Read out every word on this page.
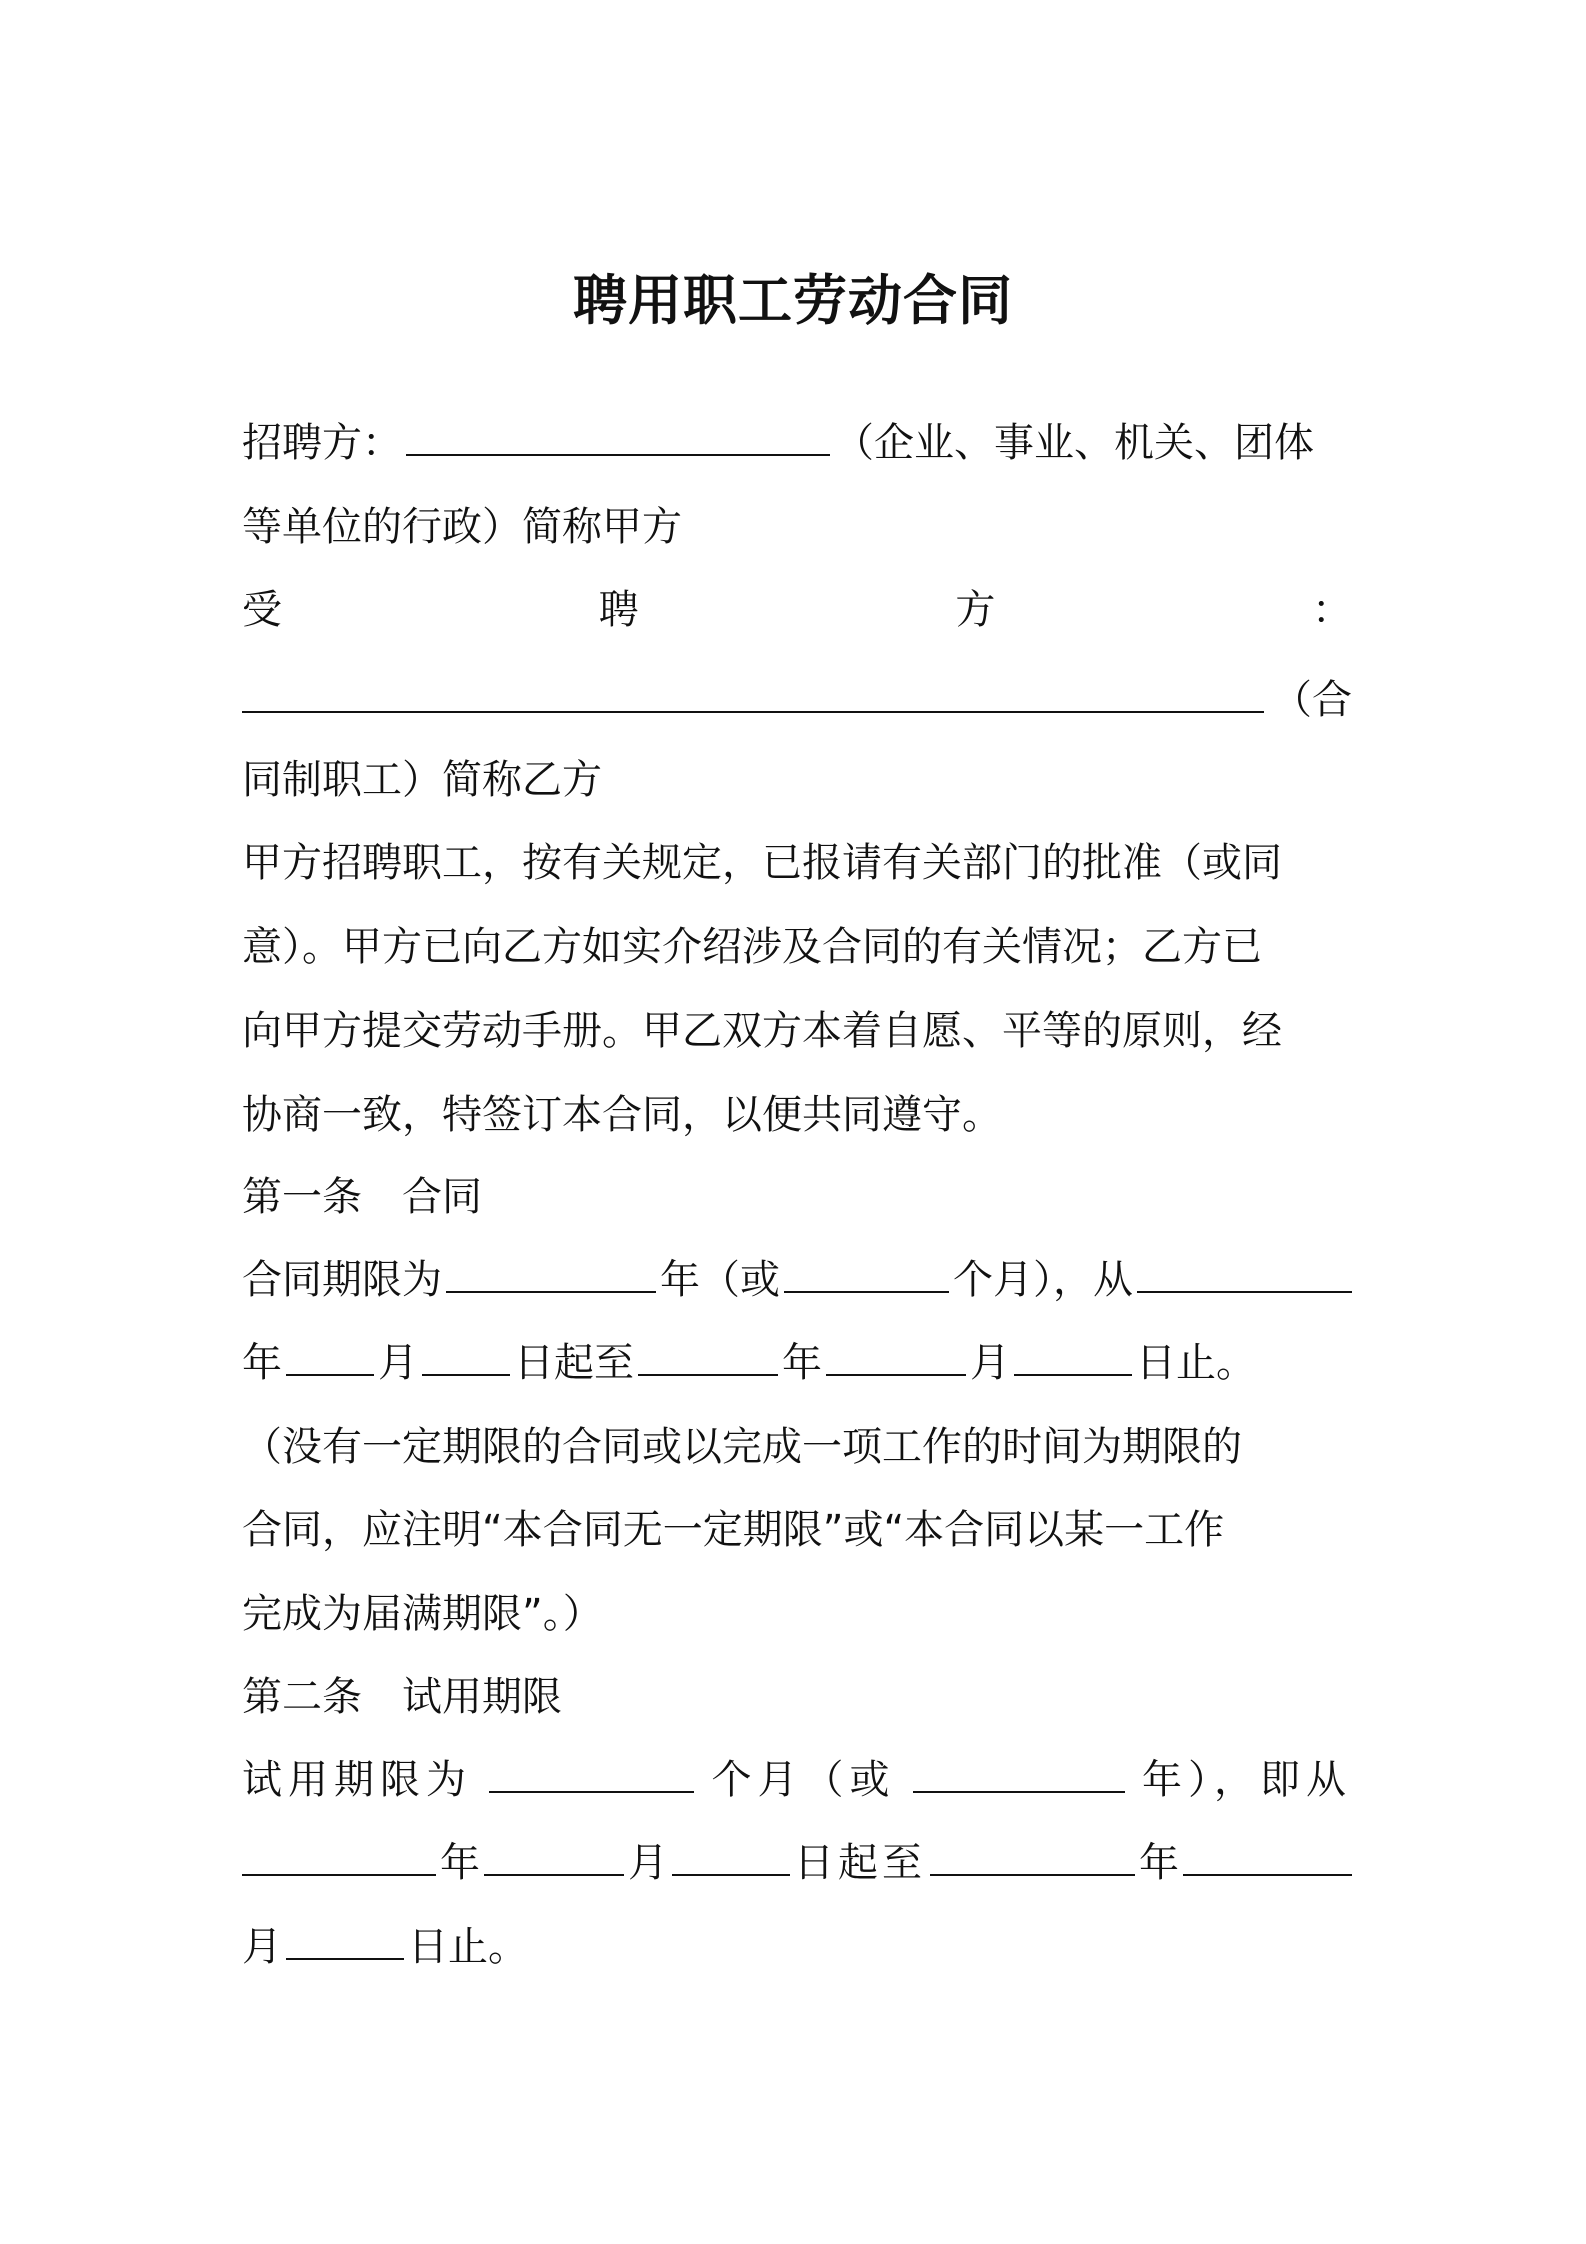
聘用职工劳动合同
招聘方：	（企业、事业、机关、团体
等单位的行政）简称甲方
受	聘	方	：
（合
同制职工）简称乙方
甲方招聘职工，按有关规定，已报请有关部门的批准（或同
意）。甲方已向乙方如实介绍涉及合同的有关情况；乙方已
向甲方提交劳动手册。甲乙双方本着自愿、平等的原则，经
协商一致，特签订本合同，以便共同遵守。
第一条　合同
合同期限为	年 （或	个月），从
年 月 日起至	年	月	日止。
（没有一定期限的合同或以完成一项工作的时间为期限的
合同，应注明“本合同无一定期限”或“本合同以某一工作
完成为届满期限”。）
第二条　试用期限
试用期限为	个月（或	年），即从
年	月	日起至	年
月	日止。
